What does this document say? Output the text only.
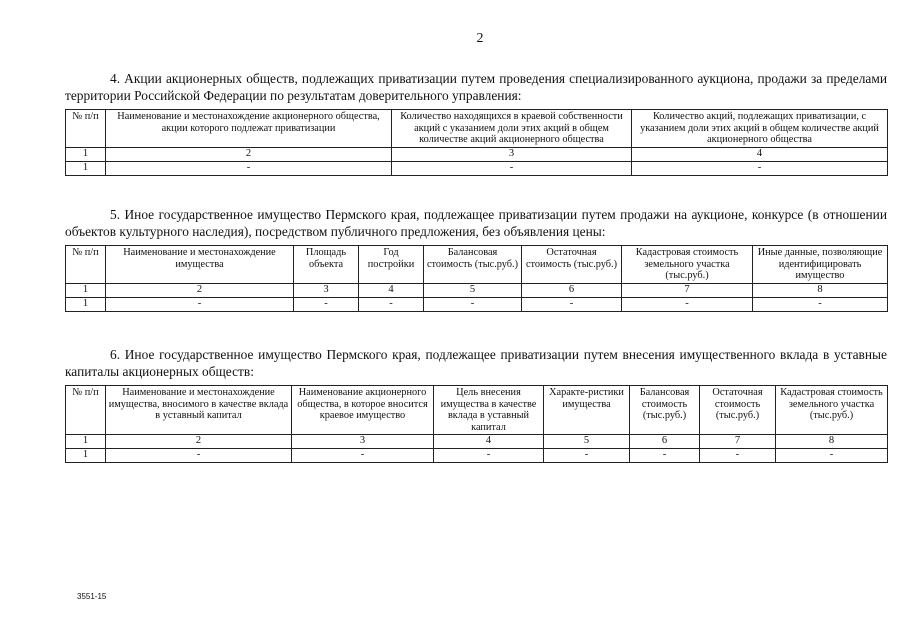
2

4. Акции акционерных обществ, подлежащих приватизации путем проведения специализированного аукциона, продажи за пределами территории Российской Федерации по результатам доверительного управления:

№ п/п	Наименование и местонахождение акционерного общества, акции которого подлежат приватизации	Количество находящихся в краевой собственности акций с указанием доли этих акций в общем количестве акций акционерного общества	Количество акций, подлежащих приватизации, с указанием доли этих акций в общем количестве акций акционерного общества
1	2	3	4
1	-	-	-

5. Иное государственное имущество Пермского края, подлежащее приватизации путем продажи на аукционе, конкурсе (в отношении объектов культурного наследия), посредством публичного предложения, без объявления цены:

№ п/п	Наименование и местонахождение имущества	Площадь объекта	Год постройки	Балансовая стоимость (тыс.руб.)	Остаточная стоимость (тыс.руб.)	Кадастровая стоимость земельного участка (тыс.руб.)	Иные данные, позволяющие идентифицировать имущество
1	2	3	4	5	6	7	8
1	-	-	-	-	-	-	-

6. Иное государственное имущество Пермского края, подлежащее приватизации путем внесения имущественного вклада в уставные капиталы акционерных обществ:

№ п/п	Наименование и местонахождение имущества, вносимого в качестве вклада в уставный капитал	Наименование акционерного общества, в которое вносится краевое имущество	Цель внесения имущества в качестве вклада в уставный капитал	Характе-ристики имущества	Балансовая стоимость (тыс.руб.)	Остаточная стоимость (тыс.руб.)	Кадастровая стоимость земельного участка (тыс.руб.)
1	2	3	4	5	6	7	8
1	-	-	-	-	-	-	-
3551-15
